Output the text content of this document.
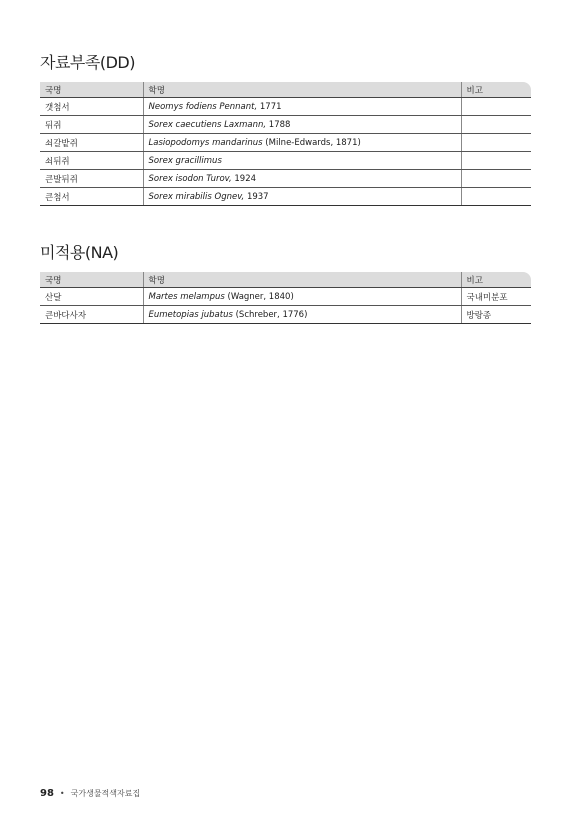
자료부족(DD)
국명	학명	비고
갯첨서	Neomys fodiens Pennant, 1771	
뒤쥐	Sorex caecutiens Laxmann, 1788	
쇠갈밭쥐	Lasiopodomys mandarinus (Milne-Edwards, 1871)	
쇠뒤쥐	Sorex gracillimus	
큰발뒤쥐	Sorex isodon Turov, 1924	
큰첨서	Sorex mirabilis Ognev, 1937	
미적용(NA)
국명	학명	비고
산달	Martes melampus (Wagner, 1840)	국내미분포
큰바다사자	Eumetopias jubatus (Schreber, 1776)	방랑종
98 • 국가생물적색자료집
